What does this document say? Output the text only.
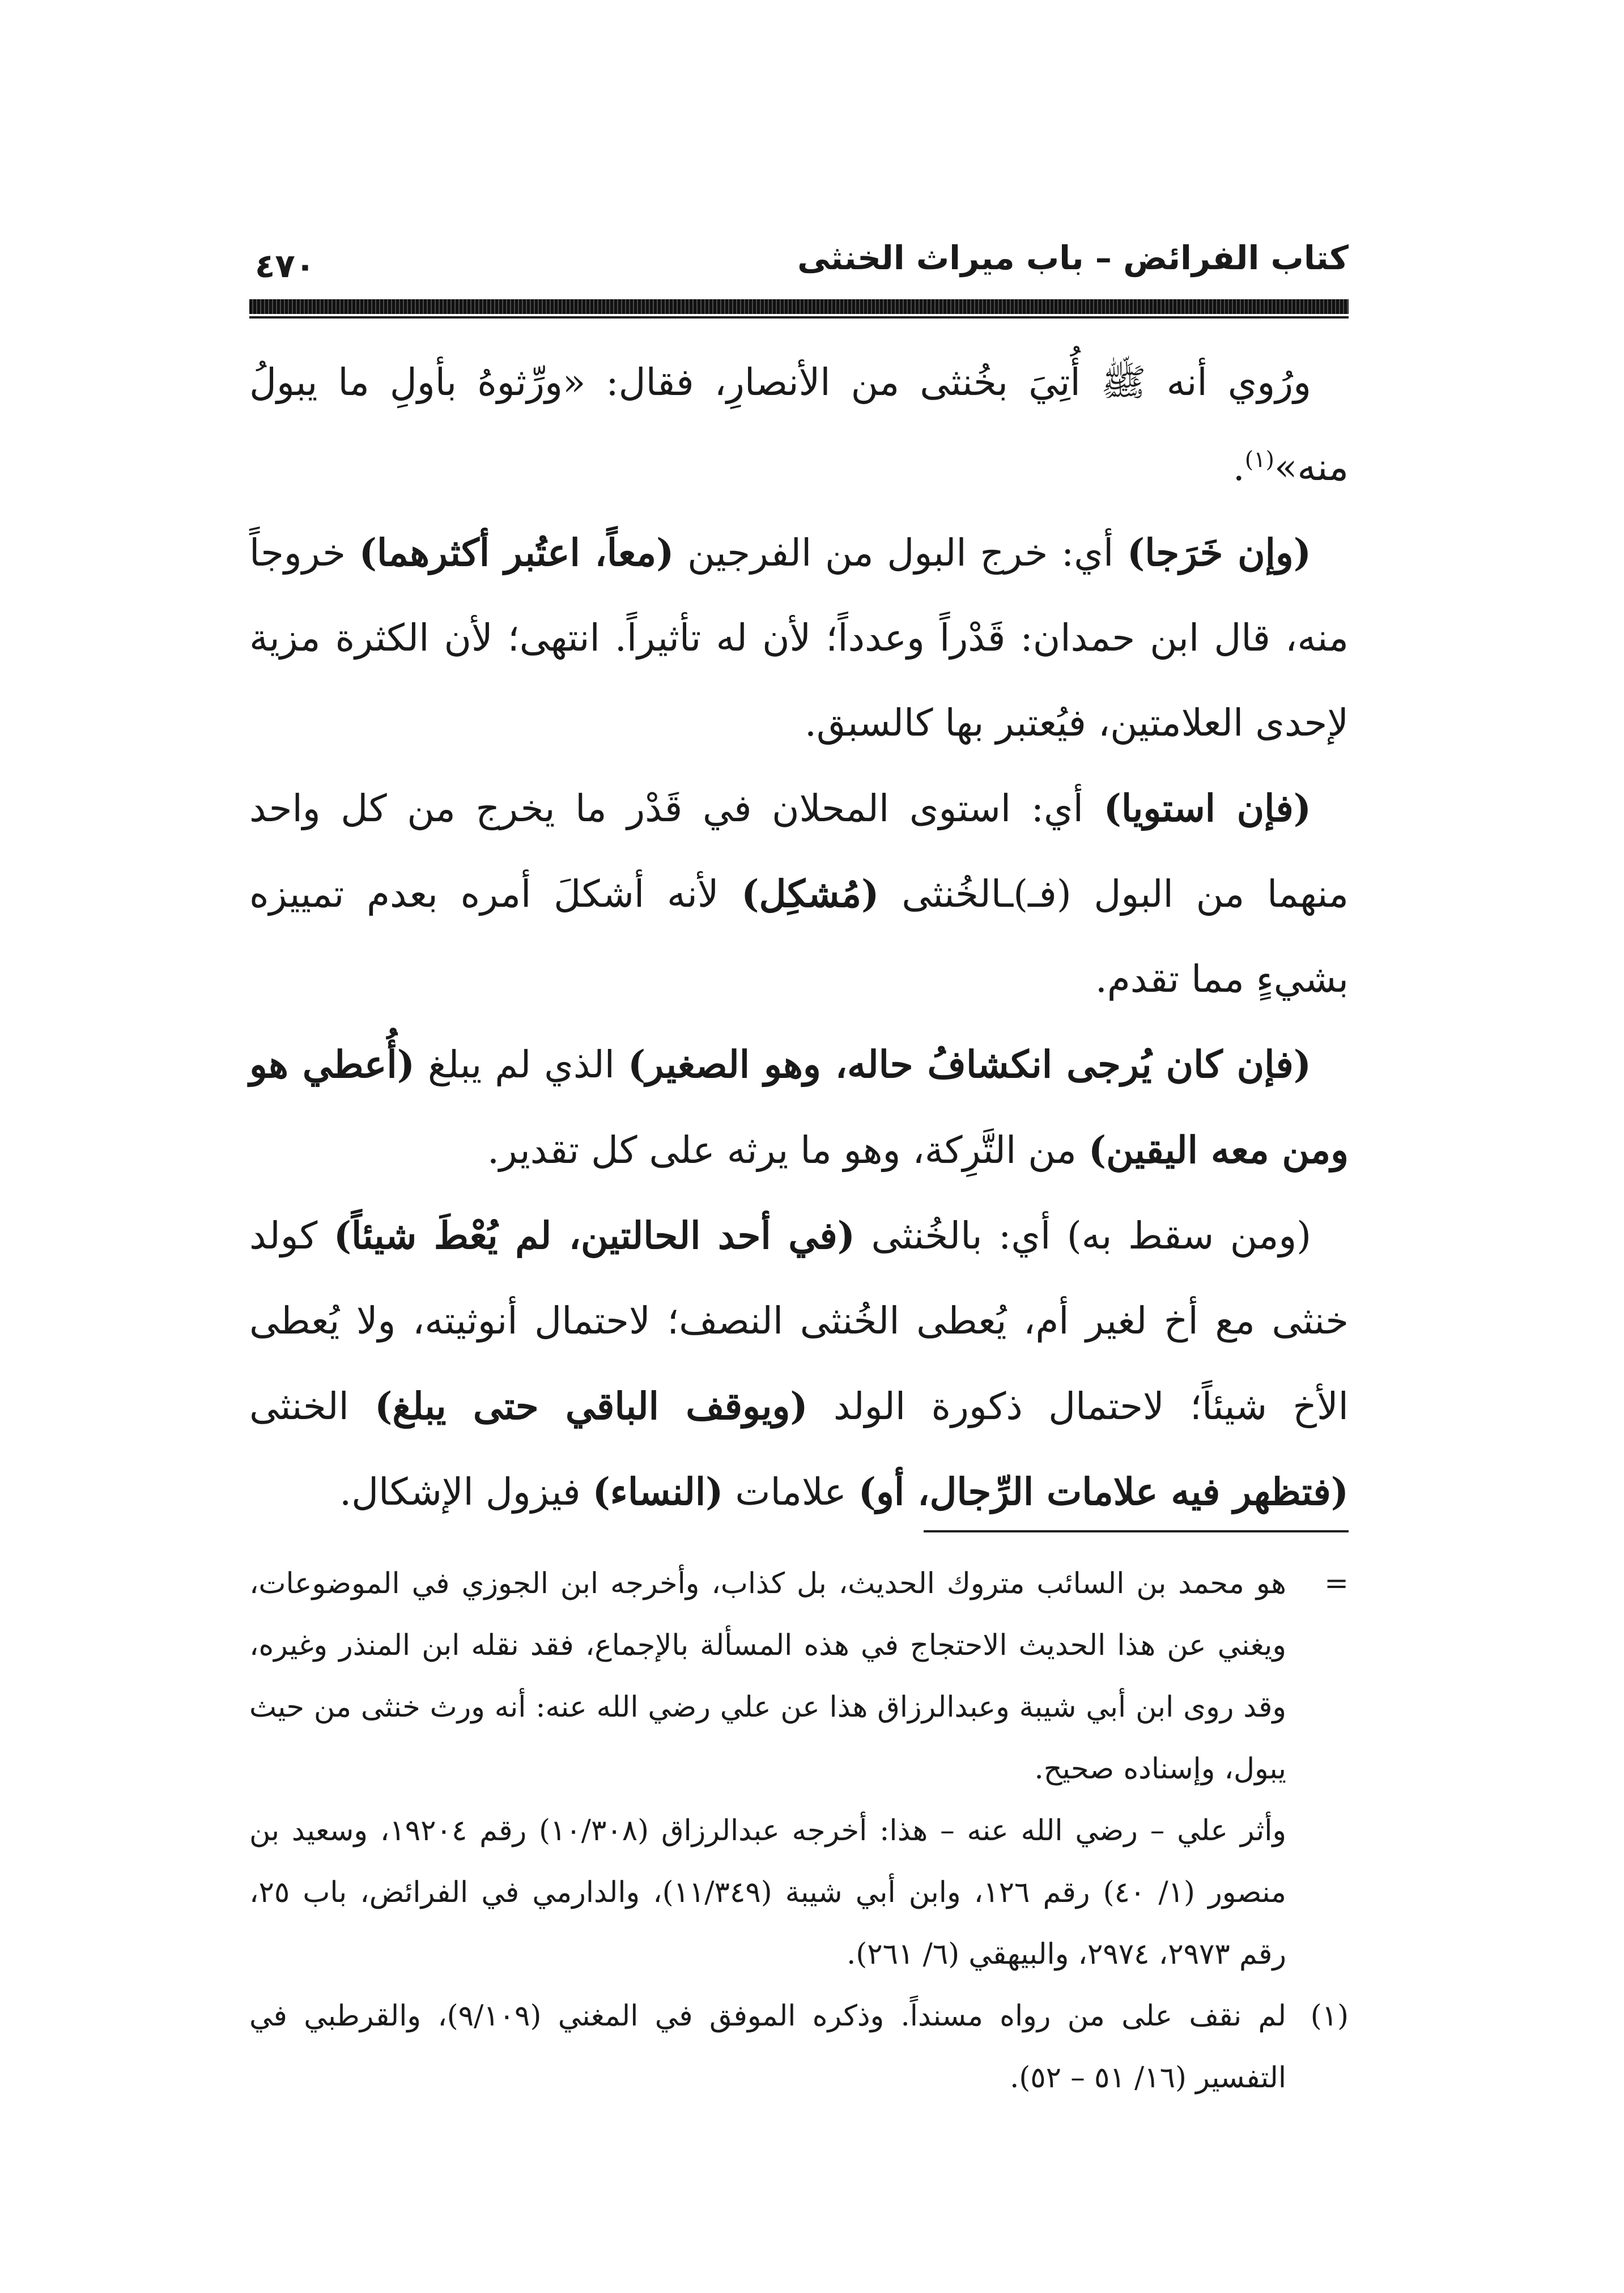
كتاب الفرائض – باب ميراث الخنثى
٤٧٠

ورُوي أنه ﷺ أُتِيَ بخُنثى من الأنصارِ، فقال: «ورِّثوهُ بأولِ ما يبولُ منه»$^{(١)}$.

(وإن خَرَجا) أي: خرج البول من الفرجين (معاً، اعتُبر أكثرهما) خروجاً منه، قال ابن حمدان: قَدْراً وعدداً؛ لأن له تأثيراً. انتهى؛ لأن الكثرة مزية لإحدى العلامتين، فيُعتبر بها كالسبق.

(فإن استويا) أي: استوى المحلان في قَدْر ما يخرج من كل واحد منهما من البول (فـ)ـالخُنثى (مُشكِل) لأنه أشكلَ أمره بعدم تمييزه بشيءٍ مما تقدم.

(فإن كان يُرجى انكشافُ حاله، وهو الصغير) الذي لم يبلغ (أُعطي هو ومن معه اليقين) من التَّرِكة، وهو ما يرثه على كل تقدير.

(ومن سقط به) أي: بالخُنثى (في أحد الحالتين، لم يُعْطَ شيئاً) كولد خنثى مع أخ لغير أم، يُعطى الخُنثى النصف؛ لاحتمال أنوثيته، ولا يُعطى الأخ شيئاً؛ لاحتمال ذكورة الولد (ويوقف الباقي حتى يبلغ) الخنثى (فتظهر فيه علامات الرِّجال، أو) علامات (النساء) فيزول الإشكال.

=
هو محمد بن السائب متروك الحديث، بل كذاب، وأخرجه ابن الجوزي في الموضوعات، ويغني عن هذا الحديث الاحتجاج في هذه المسألة بالإجماع، فقد نقله ابن المنذر وغيره، وقد روى ابن أبي شيبة وعبدالرزاق هذا عن علي رضي الله عنه: أنه ورث خنثى من حيث يبول، وإسناده صحيح.

وأثر علي – رضي الله عنه – هذا: أخرجه عبدالرزاق (١٠/٣٠٨) رقم ١٩٢٠٤، وسعيد بن منصور (١/ ٤٠) رقم ١٢٦، وابن أبي شيبة (١١/٣٤٩)، والدارمي في الفرائض، باب ٢٥، رقم ٢٩٧٣، ٢٩٧٤، والبيهقي (٦/ ٢٦١).

(١)
لم نقف على من رواه مسنداً. وذكره الموفق في المغني (٩/١٠٩)، والقرطبي في التفسير (١٦/ ٥١ – ٥٢).
